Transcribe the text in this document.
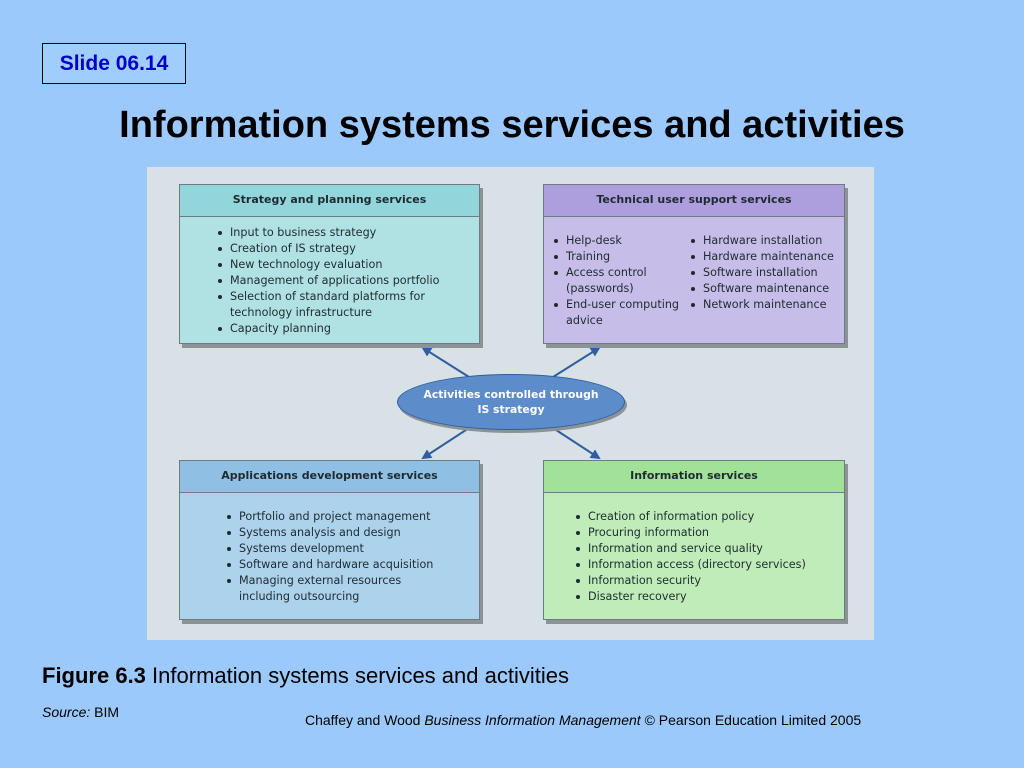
Slide 06.14
Information systems services and activities
Strategy and planning services
Input to business strategy
Creation of IS strategy
New technology evaluation
Management of applications portfolio
Selection of standard platforms for technology infrastructure
Capacity planning
Technical user support services
Help-desk
Training
Access control (passwords)
End-user computing advice
Hardware installation
Hardware maintenance
Software installation
Software maintenance
Network maintenance
Activities controlled through
IS strategy
Applications development services
Portfolio and project management
Systems analysis and design
Systems development
Software and hardware acquisition
Managing external resources including outsourcing
Information services
Creation of information policy
Procuring information
Information and service quality
Information access (directory services)
Information security
Disaster recovery
Figure 6.3 Information systems services and activities
Source: BIM	Chaffey and Wood Business Information Management © Pearson Education Limited 2005
